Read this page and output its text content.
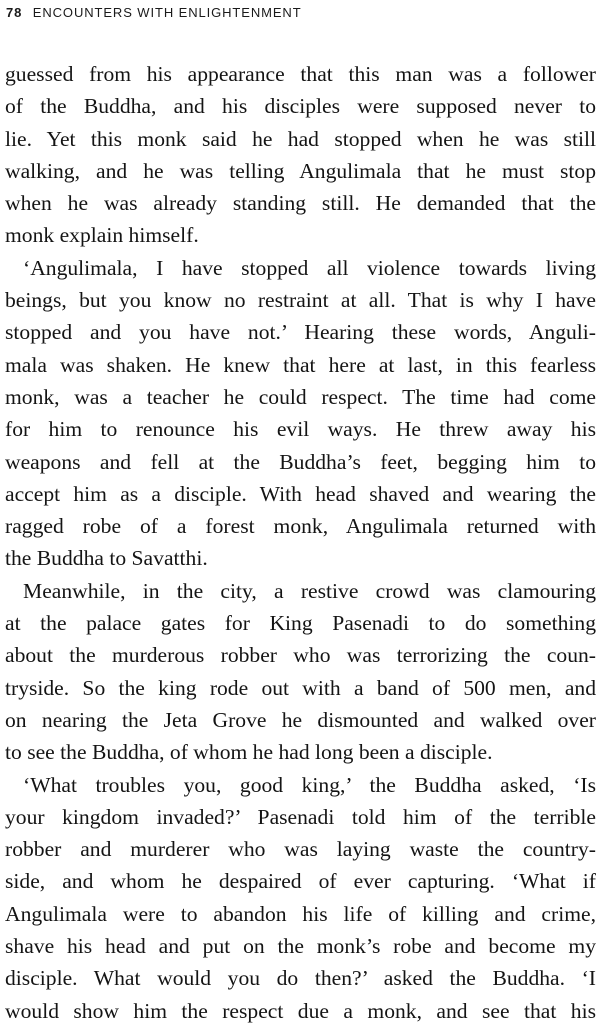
78 ENCOUNTERS WITH ENLIGHTENMENT
guessed from his appearance that this man was a follower
of the Buddha, and his disciples were supposed never to
lie. Yet this monk said he had stopped when he was still
walking, and he was telling Angulimala that he must stop
when he was already standing still. He demanded that the
monk explain himself.
‘Angulimala, I have stopped all violence towards living
beings, but you know no restraint at all. That is why I have
stopped and you have not.’ Hearing these words, Anguli-
mala was shaken. He knew that here at last, in this fearless
monk, was a teacher he could respect. The time had come
for him to renounce his evil ways. He threw away his
weapons and fell at the Buddha’s feet, begging him to
accept him as a disciple. With head shaved and wearing the
ragged robe of a forest monk, Angulimala returned with
the Buddha to Savatthi.
Meanwhile, in the city, a restive crowd was clamouring
at the palace gates for King Pasenadi to do something
about the murderous robber who was terrorizing the coun-
tryside. So the king rode out with a band of 500 men, and
on nearing the Jeta Grove he dismounted and walked over
to see the Buddha, of whom he had long been a disciple.
‘What troubles you, good king,’ the Buddha asked, ‘Is
your kingdom invaded?’ Pasenadi told him of the terrible
robber and murderer who was laying waste the country-
side, and whom he despaired of ever capturing. ‘What if
Angulimala were to abandon his life of killing and crime,
shave his head and put on the monk’s robe and become my
disciple. What would you do then?’ asked the Buddha. ‘I
would show him the respect due a monk, and see that his
